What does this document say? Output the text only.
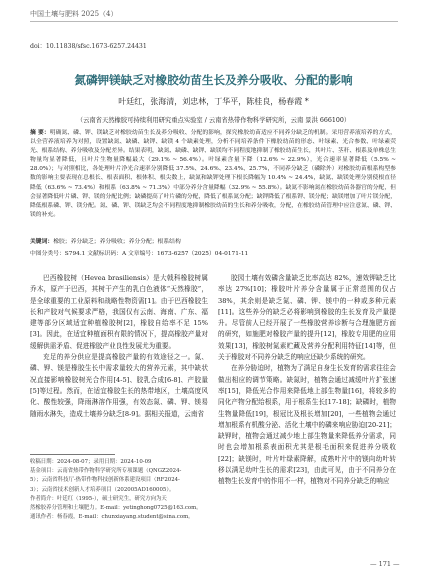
中国土壤与肥料 2025（4）
doi：10.11838/sfsc.1673-6257.24431
氮磷钾镁缺乏对橡胶幼苗生长及养分吸收、分配的影响
叶廷红，张海清，刘忠林，丁华平，陈桂良，杨春霞 *
（云南省天然橡胶可持续利用研究重点实验室 / 云南省热带作物科学研究所，云南 景洪 666100）
摘 要：明确氮、磷、钾、镁缺乏对橡胶幼苗生长及养分吸收、分配的影响，探究橡胶幼苗适应不同养分缺乏的机制。采用营养液培养的方式，以全营养液培养为对照，设置缺氮、缺磷、缺钾、缺镁 4 个缺素处理，分析不同培养条件下橡胶幼苗的形态、叶绿素、光合参数、叶绿素荧光、根系结构、养分吸收及分配差异。结果表明，缺氮、缺磷、缺钾、缺镁均不同程度地抑制了橡胶幼苗生长，其叶片、茎秆、根系及单株总生物量均显著降低，且叶片生物量降幅最大（29.1% ~ 56.4%）。叶绿素含量下降（12.6% ~ 22.9%），光合速率显著降低（5.5% ~ 28.0%）；与对照相比，各处理叶片净光合速率分别降低 37.5%、24.6%、23.4%、25.7%，不同养分缺乏（磷除外）对橡胶幼苗根系构型参数的影响主要表现在总根长、根表面积、根体积、根尖数上，缺氮和缺钾处理下根长降幅为 10.4% ~ 24.4%，缺氮、缺镁处理分别使根直径降低（63.6% ~ 73.4%）和根系（63.8% ~ 71.3%）中部分养分含量降幅（32.9% ~ 55.8%）。缺氮不影响氮在橡胶幼苗各器官的分配，但会显著降低叶片磷、钾、镁的分配比例；缺磷提高了叶片磷的分配，降低了根系氮分配；缺钾降低了根系钾、镁分配；缺镁增加了叶片镁分配，降低根系磷、钾、镁分配。氮、磷、钾、镁缺乏均会不同程度地抑制橡胶幼苗的生长和养分吸收，分配，在橡胶幼苗管理中应注意氮、磷、钾、镁的补充。
关键词：橡胶；养分缺乏；养分吸收；养分分配；根系结构
中图分类号：S794.1 文献标识码：A 文章编号：1673-6257（2025）04-0171-11

巴西橡胶树（Hevea brasiliensis）是大戟科橡胶树属乔木，原产于巴西，其树干产生的乳白色液体“天然橡胶”，是全球重要的工业原料和战略性物资需[1]。由于巴西橡胶生长和产胶对气候要求严格，我国仅有云南、海南、广东、福建等部分区域适宜种植橡胶树[2]，橡胶自给率不足 15%[3]。因此，在适宜种植面积有限的情况下，提高橡胶产量对缓解供需矛盾、促进橡胶产业良性发展尤为重要。

充足的养分供应是提高橡胶产量的有效途径之一。氮、磷、钾、镁是橡胶生长中需求量较大的营养元素，其中缺状况直接影响橡胶树光合作用[4-5]、胶乳合成[6-8]、产胶量[5]等过程。然而，在适宜橡胶生长的热带地区，土壤高度风化、酸性较强，降雨淋溶作用强，有效态氮、磷、钾、镁易随雨水淋失，造成土壤养分缺乏[8-9]。据相关报道，云南省

胶园土壤有效磷含量缺乏比率高达 82%，速效钾缺乏比率达 27%[10]；橡胶叶片养分含量属于正常范围的仅占 38%，其余则是缺乏氮、磷、钾、镁中的一种或多种元素[11]。这些养分的缺乏必将影响到橡胶的生长发育及产量提升。尽管前人已经开展了一些橡胶营养诊断与合理施肥方面的研究，如施肥对橡胶产量的提升[12]，橡胶专用肥的应用效果[13]，橡胶树氮素贮藏及营养分配利用特征[14]等，但关于橡胶对不同养分缺乏的响应还缺少系统的研究。

在养分胁迫时，植物为了满足自身生长发育的需求往往会做出相应的调节策略。缺氮时，植物会通过减缓叶片扩张速率[15]，降低光合作用来降低地上部生物量[16]，将较多的同化产物分配给根系，用于根系生长[17-18]；缺磷时，植物生物量降低[19]，根冠比及根长增加[20]，一些植物会通过增加根系有机酸分泌、活化土壤中的磷来响应胁迫[20-21]；缺钾时，植物会通过减少地上部生物量来降低养分需求，同时也会增加根系表面积尤其是根毛面积来促进养分吸收[22]；缺镁时，叶片叶绿素降解，成熟叶片中的镁向幼叶转移以满足幼叶生长的需求[23]，由此可见，由于不同养分在植物生长发育中的作用不一样，植物对不同养分缺乏的响应

收稿日期：2024-08-07；录用日期：2024-10-09
基金项目：云南省热带作物科学研究所专项课题（QNGZ2024-
5）；云南省科技厅-热带作物科技创新体系建设项目（RF2024-
3）；云南省技术创新人才培养项目（202005AD160005）。
作者简介：叶廷红（1995-），硕士研究生，研究方向为天
然橡胶养分管理和土壤肥力。E-mail：yetinghong0725@163.com。
通讯作者：杨春霞，E-mail：chunxiayang.student@sina.com。
— 171 —
